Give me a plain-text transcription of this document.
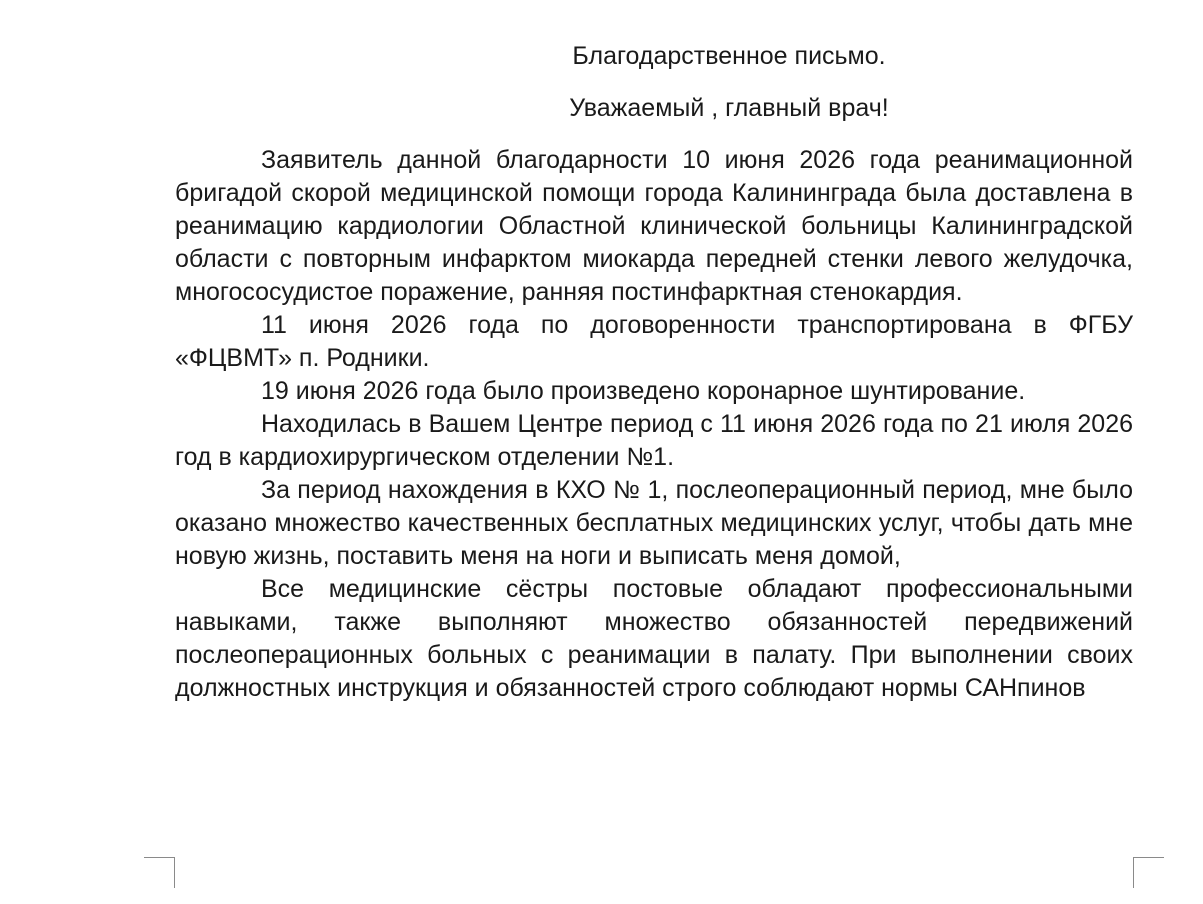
Благодарственное письмо.

Уважаемый , главный врач!

Заявитель данной благодарности 10 июня 2026 года реанимационной бригадой скорой медицинской помощи города Калининграда была доставлена в реанимацию кардиологии Областной клинической больницы Калининградской области с повторным инфарктом миокарда передней стенки левого желудочка, многососудистое поражение, ранняя постинфарктная стенокардия.

11 июня 2026 года по договоренности транспортирована в ФГБУ «ФЦВМТ» п. Родники.

19 июня 2026 года было произведено коронарное шунтирование.

Находилась в Вашем Центре период с 11 июня 2026 года по 21 июля 2026 год в кардиохирургическом отделении №1.

За период нахождения в КХО № 1, послеоперационный период, мне было оказано множество качественных бесплатных медицинских услуг, чтобы дать мне новую жизнь, поставить меня на ноги и выписать меня домой,

Все медицинские сёстры постовые обладают профессиональными навыками, также выполняют множество обязанностей передвижений послеоперационных больных с реанимации в палату. При выполнении своих должностных инструкция и обязанностей строго соблюдают нормы САНпинов
